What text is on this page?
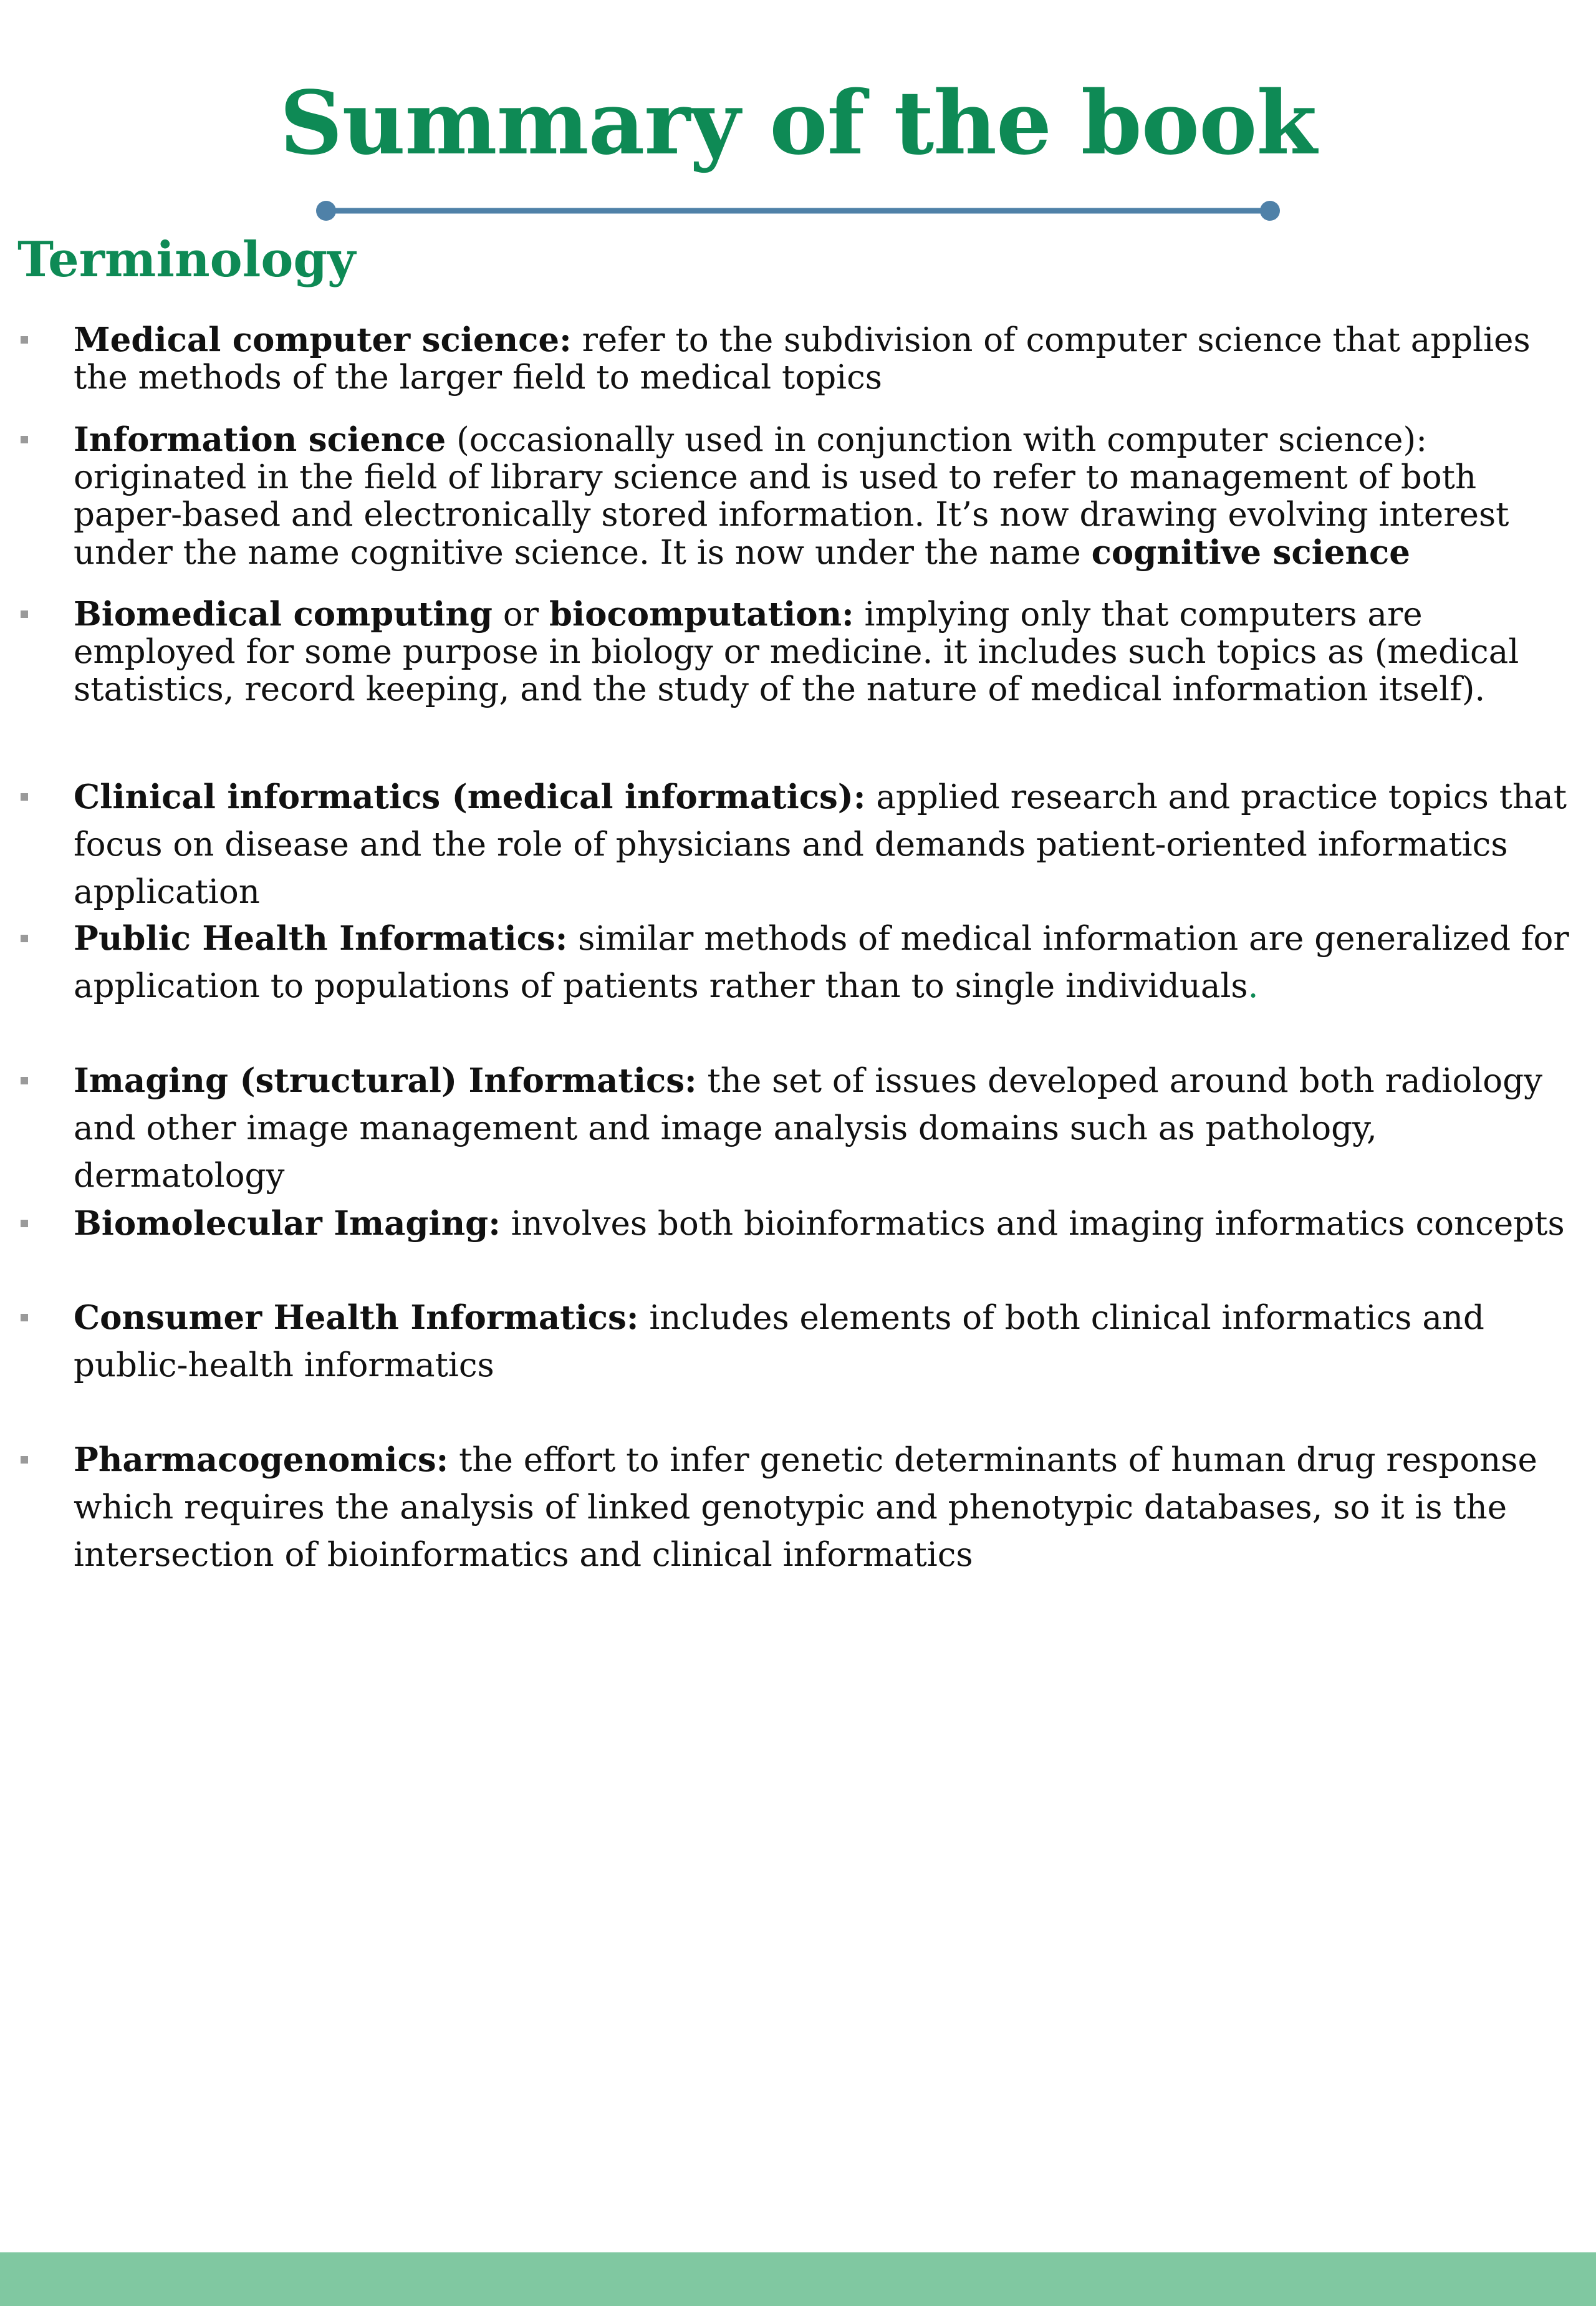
Summary of the book
Terminology

Medical computer science: refer to the subdivision of computer science that applies the methods of the larger field to medical topics

Information science (occasionally used in conjunction with computer science): originated in the field of library science and is used to refer to management of both paper-based and electronically stored information. It’s now drawing evolving interest under the name cognitive science. It is now under the name cognitive science

Biomedical computing or biocomputation: implying only that computers are employed for some purpose in biology or medicine. it includes such topics as (medical statistics, record keeping, and the study of the nature of medical information itself).

Clinical informatics (medical informatics): applied research and practice topics that focus on disease and the role of physicians and demands patient-oriented informatics application

Public Health Informatics: similar methods of medical information are generalized for application to populations of patients rather than to single individuals.

Imaging (structural) Informatics: the set of issues developed around both radiology and other image management and image analysis domains such as pathology, dermatology

Biomolecular Imaging: involves both bioinformatics and imaging informatics concepts

Consumer Health Informatics: includes elements of both clinical informatics and public-health informatics

Pharmacogenomics: the effort to infer genetic determinants of human drug response which requires the analysis of linked genotypic and phenotypic databases, so it is the intersection of bioinformatics and clinical informatics
